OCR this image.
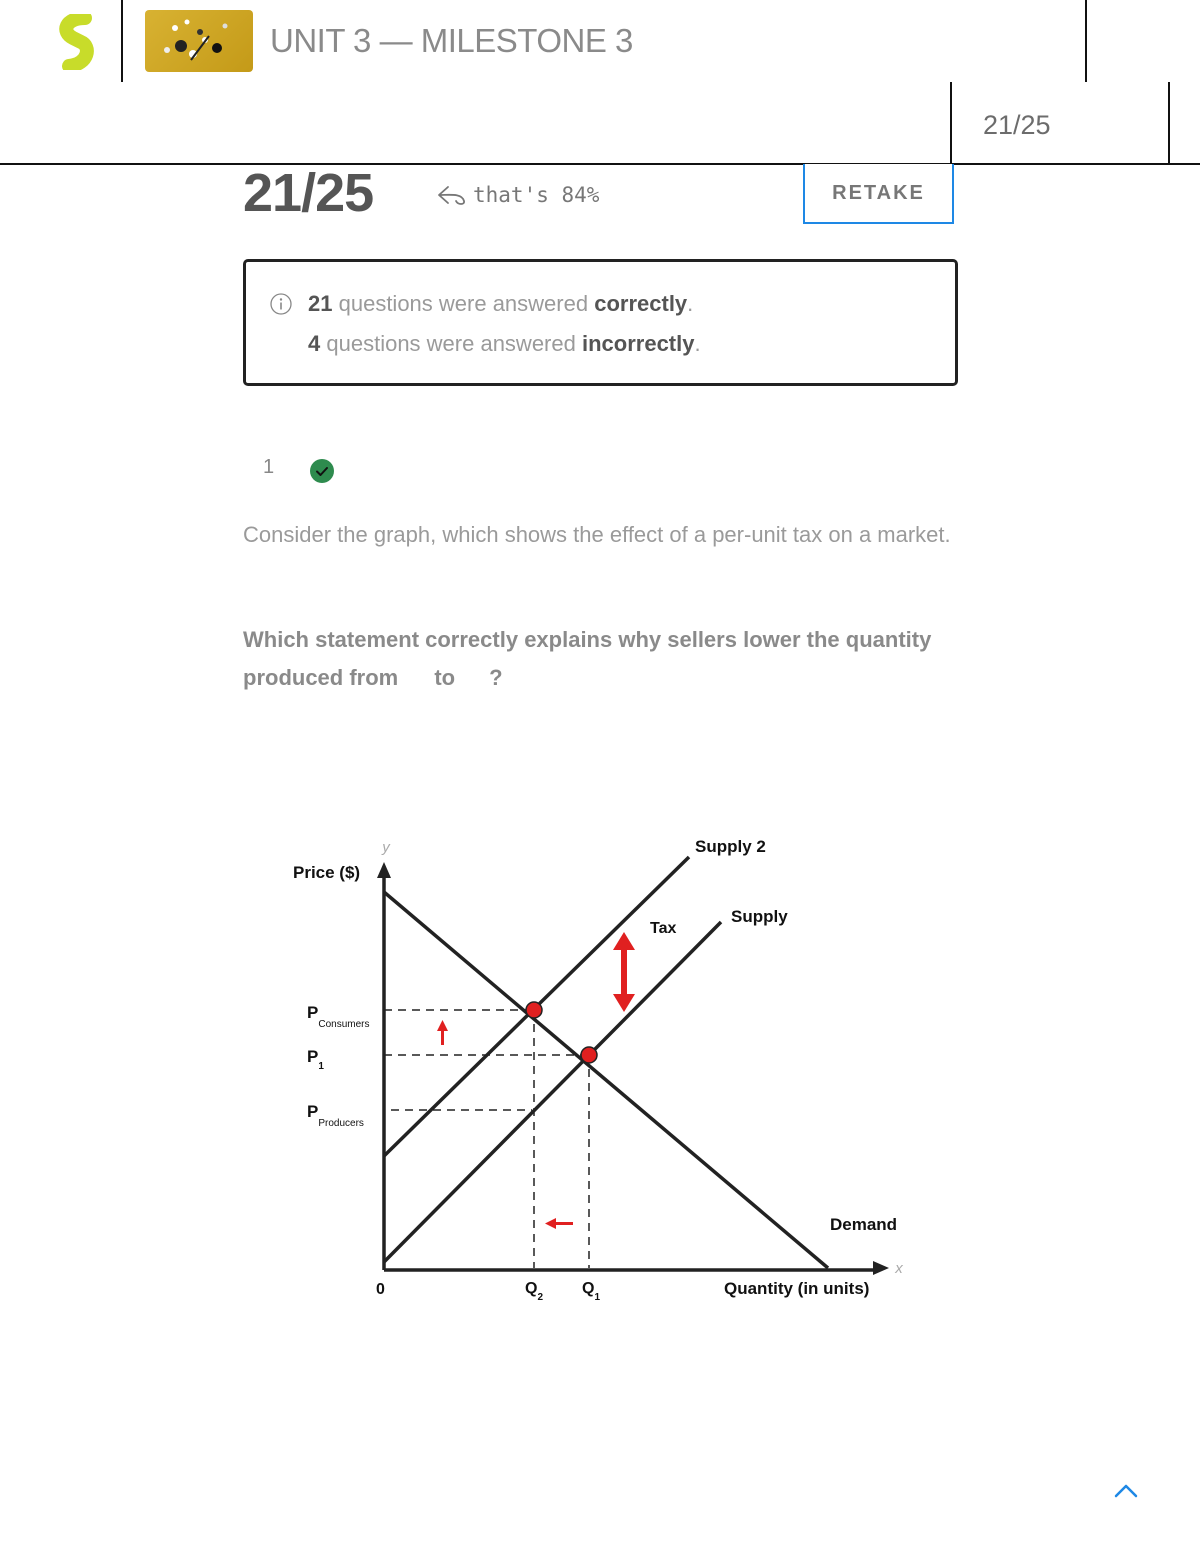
UNIT 3 — MILESTONE 3
21/25
21/25	that's 84%	RETAKE
21 questions were answered correctly.
4 questions were answered incorrectly.
1
Consider the graph, which shows the effect of a per-unit tax on a market.
Which statement correctly explains why sellers lower the quantity produced from to ?
y
x
Price ($)
Quantity (in units)
0
Supply 2
Supply
Demand
Tax
$P_{Consumers}$
$P_1$
$P_{Producers}$
$Q_2$
$Q_1$
